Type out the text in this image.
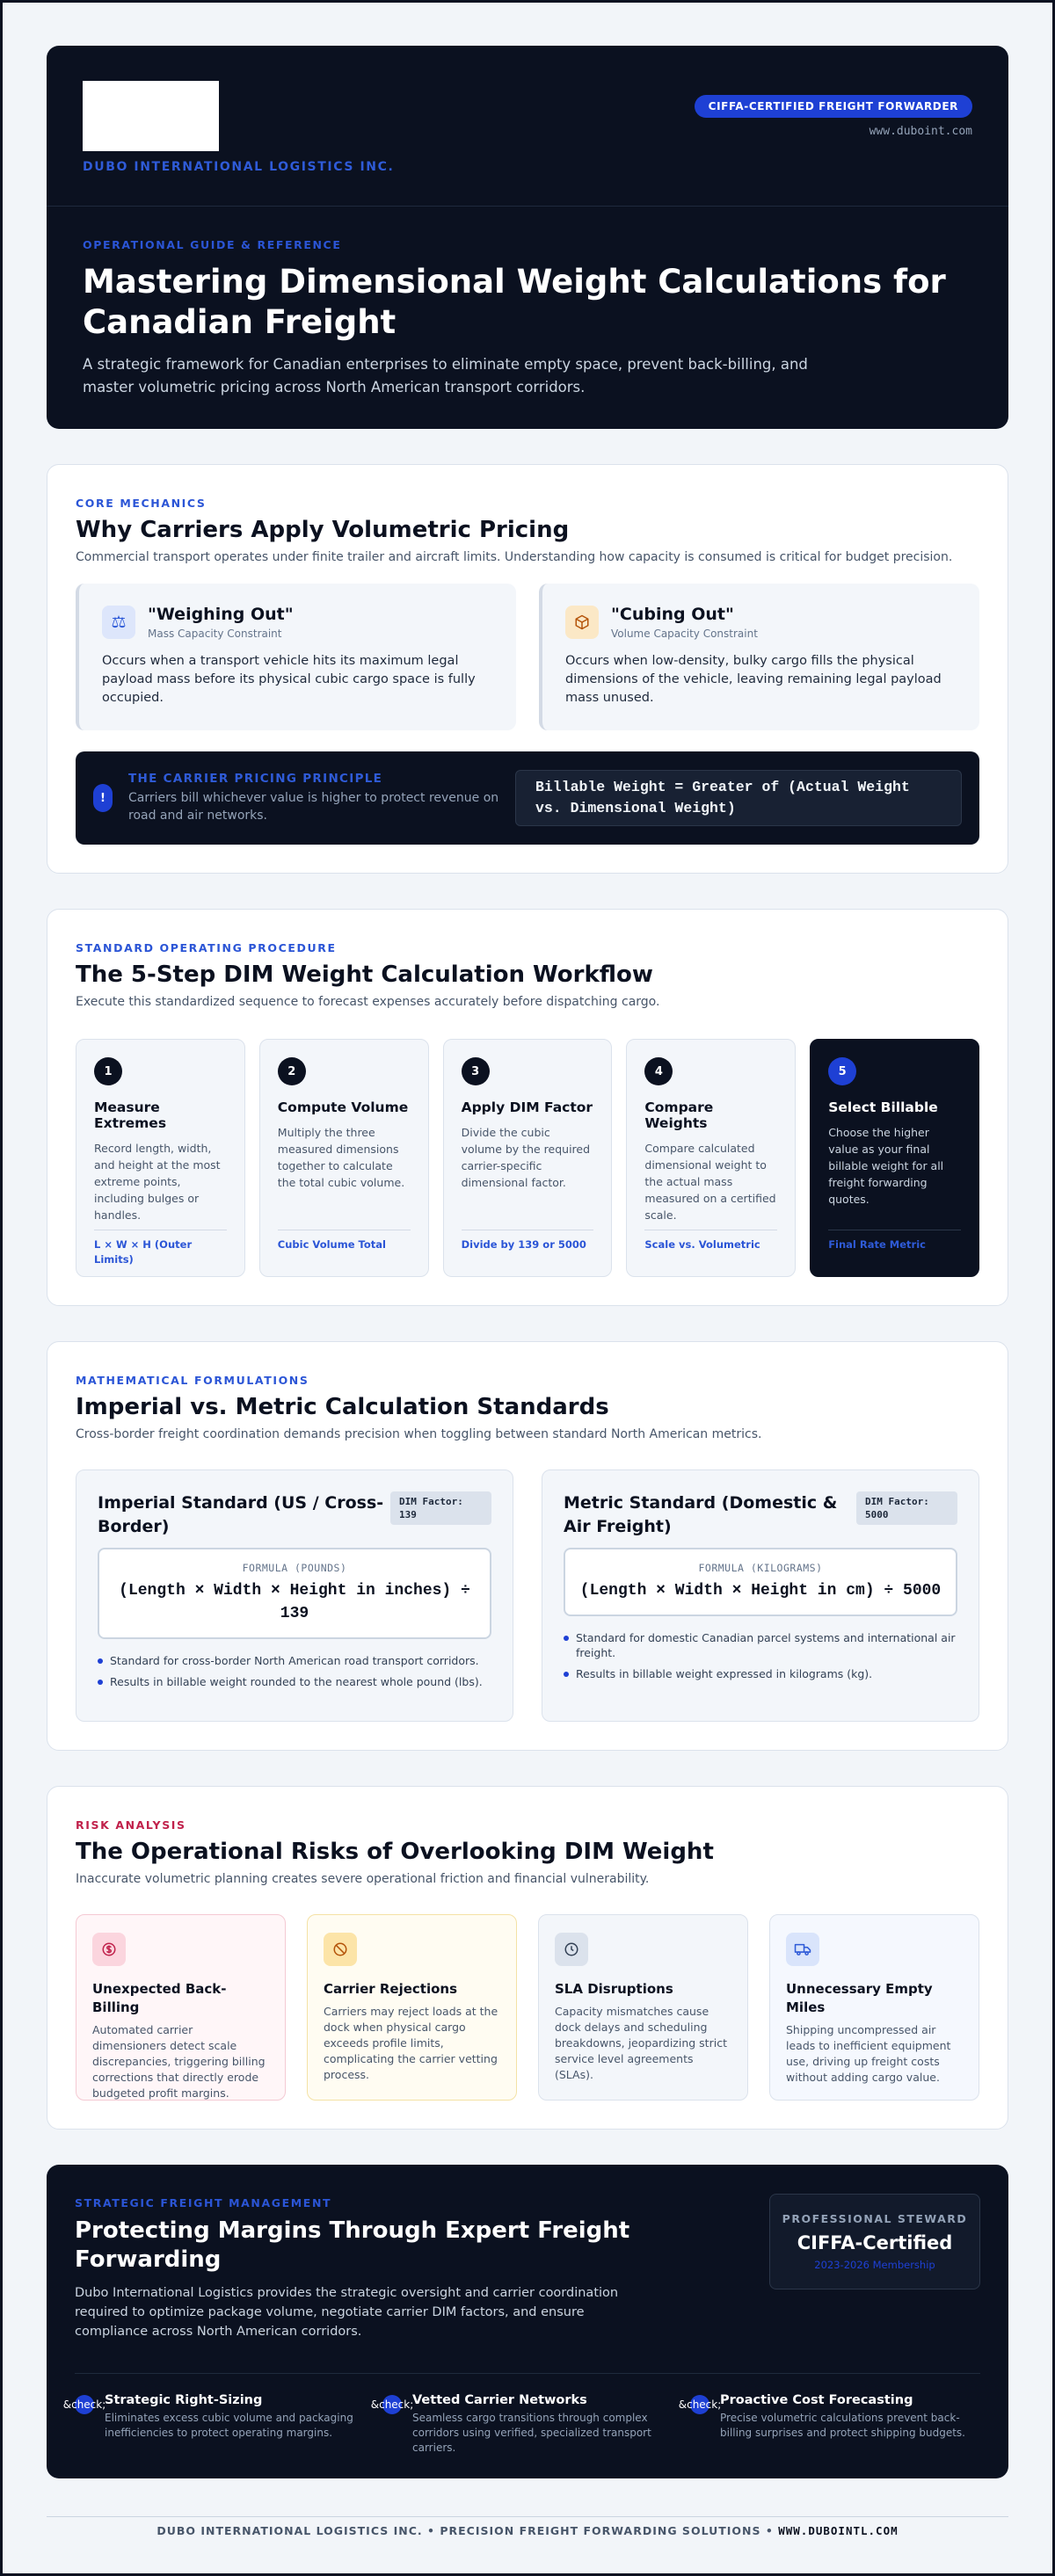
DUBO INTERNATIONAL LOGISTICS INC.
CIFFA-CERTIFIED FREIGHT FORWARDER
www.duboint.com
OPERATIONAL GUIDE & REFERENCE
Mastering Dimensional Weight Calculations for Canadian Freight

A strategic framework for Canadian enterprises to eliminate empty space, prevent back-billing, and master volumetric pricing across North American transport corridors.

CORE MECHANICS
Why Carriers Apply Volumetric Pricing

Commercial transport operates under finite trailer and aircraft limits. Understanding how capacity is consumed is critical for budget precision.

⚖	"Weighing Out"
Mass Capacity Constraint

Occurs when a transport vehicle hits its maximum legal payload mass before its physical cubic cargo space is fully occupied.

"Cubing Out"
Volume Capacity Constraint

Occurs when low-density, bulky cargo fills the physical dimensions of the vehicle, leaving remaining legal payload mass unused.

!
THE CARRIER PRICING PRINCIPLE
Carriers bill whichever value is higher to protect revenue on road and air networks.
Billable Weight = Greater of (Actual Weight vs. Dimensional Weight)
STANDARD OPERATING PROCEDURE
The 5-Step DIM Weight Calculation Workflow

Execute this standardized sequence to forecast expenses accurately before dispatching cargo.

1
Measure Extremes
Record length, width, and height at the most extreme points, including bulges or handles.
L × W × H (Outer Limits)
2
Compute Volume
Multiply the three measured dimensions together to calculate the total cubic volume.
Cubic Volume Total
3
Apply DIM Factor
Divide the cubic volume by the required carrier-specific dimensional factor.
Divide by 139 or 5000
4
Compare Weights
Compare calculated dimensional weight to the actual mass measured on a certified scale.
Scale vs. Volumetric
5
Select Billable
Choose the higher value as your final billable weight for all freight forwarding quotes.
Final Rate Metric
MATHEMATICAL FORMULATIONS
Imperial vs. Metric Calculation Standards

Cross-border freight coordination demands precision when toggling between standard North American metrics.

Imperial Standard (US / Cross-Border)
DIM Factor: 139
FORMULA (POUNDS)
(Length × Width × Height in inches) ÷ 139
Standard for cross-border North American road transport corridors.
Results in billable weight rounded to the nearest whole pound (lbs).
Metric Standard (Domestic & Air Freight)
DIM Factor: 5000
FORMULA (KILOGRAMS)
(Length × Width × Height in cm) ÷ 5000
Standard for domestic Canadian parcel systems and international air freight.
Results in billable weight expressed in kilograms (kg).
RISK ANALYSIS
The Operational Risks of Overlooking DIM Weight

Inaccurate volumetric planning creates severe operational friction and financial vulnerability.

Unexpected Back-Billing
Automated carrier dimensioners detect scale discrepancies, triggering billing corrections that directly erode budgeted profit margins.
Carrier Rejections
Carriers may reject loads at the dock when physical cargo exceeds profile limits, complicating the carrier vetting process.
SLA Disruptions
Capacity mismatches cause dock delays and scheduling breakdowns, jeopardizing strict service level agreements (SLAs).
Unnecessary Empty Miles
Shipping uncompressed air leads to inefficient equipment use, driving up freight costs without adding cargo value.
STRATEGIC FREIGHT MANAGEMENT
Protecting Margins Through Expert Freight Forwarding

Dubo International Logistics provides the strategic oversight and carrier coordination required to optimize package volume, negotiate carrier DIM factors, and ensure compliance across North American corridors.

PROFESSIONAL STEWARD
CIFFA-Certified
2023-2026 Membership
&check;
Strategic Right-Sizing
Eliminates excess cubic volume and packaging inefficiencies to protect operating margins.
&check;
Vetted Carrier Networks
Seamless cargo transitions through complex corridors using verified, specialized transport carriers.
&check;
Proactive Cost Forecasting
Precise volumetric calculations prevent back-billing surprises and protect shipping budgets.
DUBO INTERNATIONAL LOGISTICS INC. • PRECISION FREIGHT FORWARDING SOLUTIONS • WWW.DUBOINTL.COM
